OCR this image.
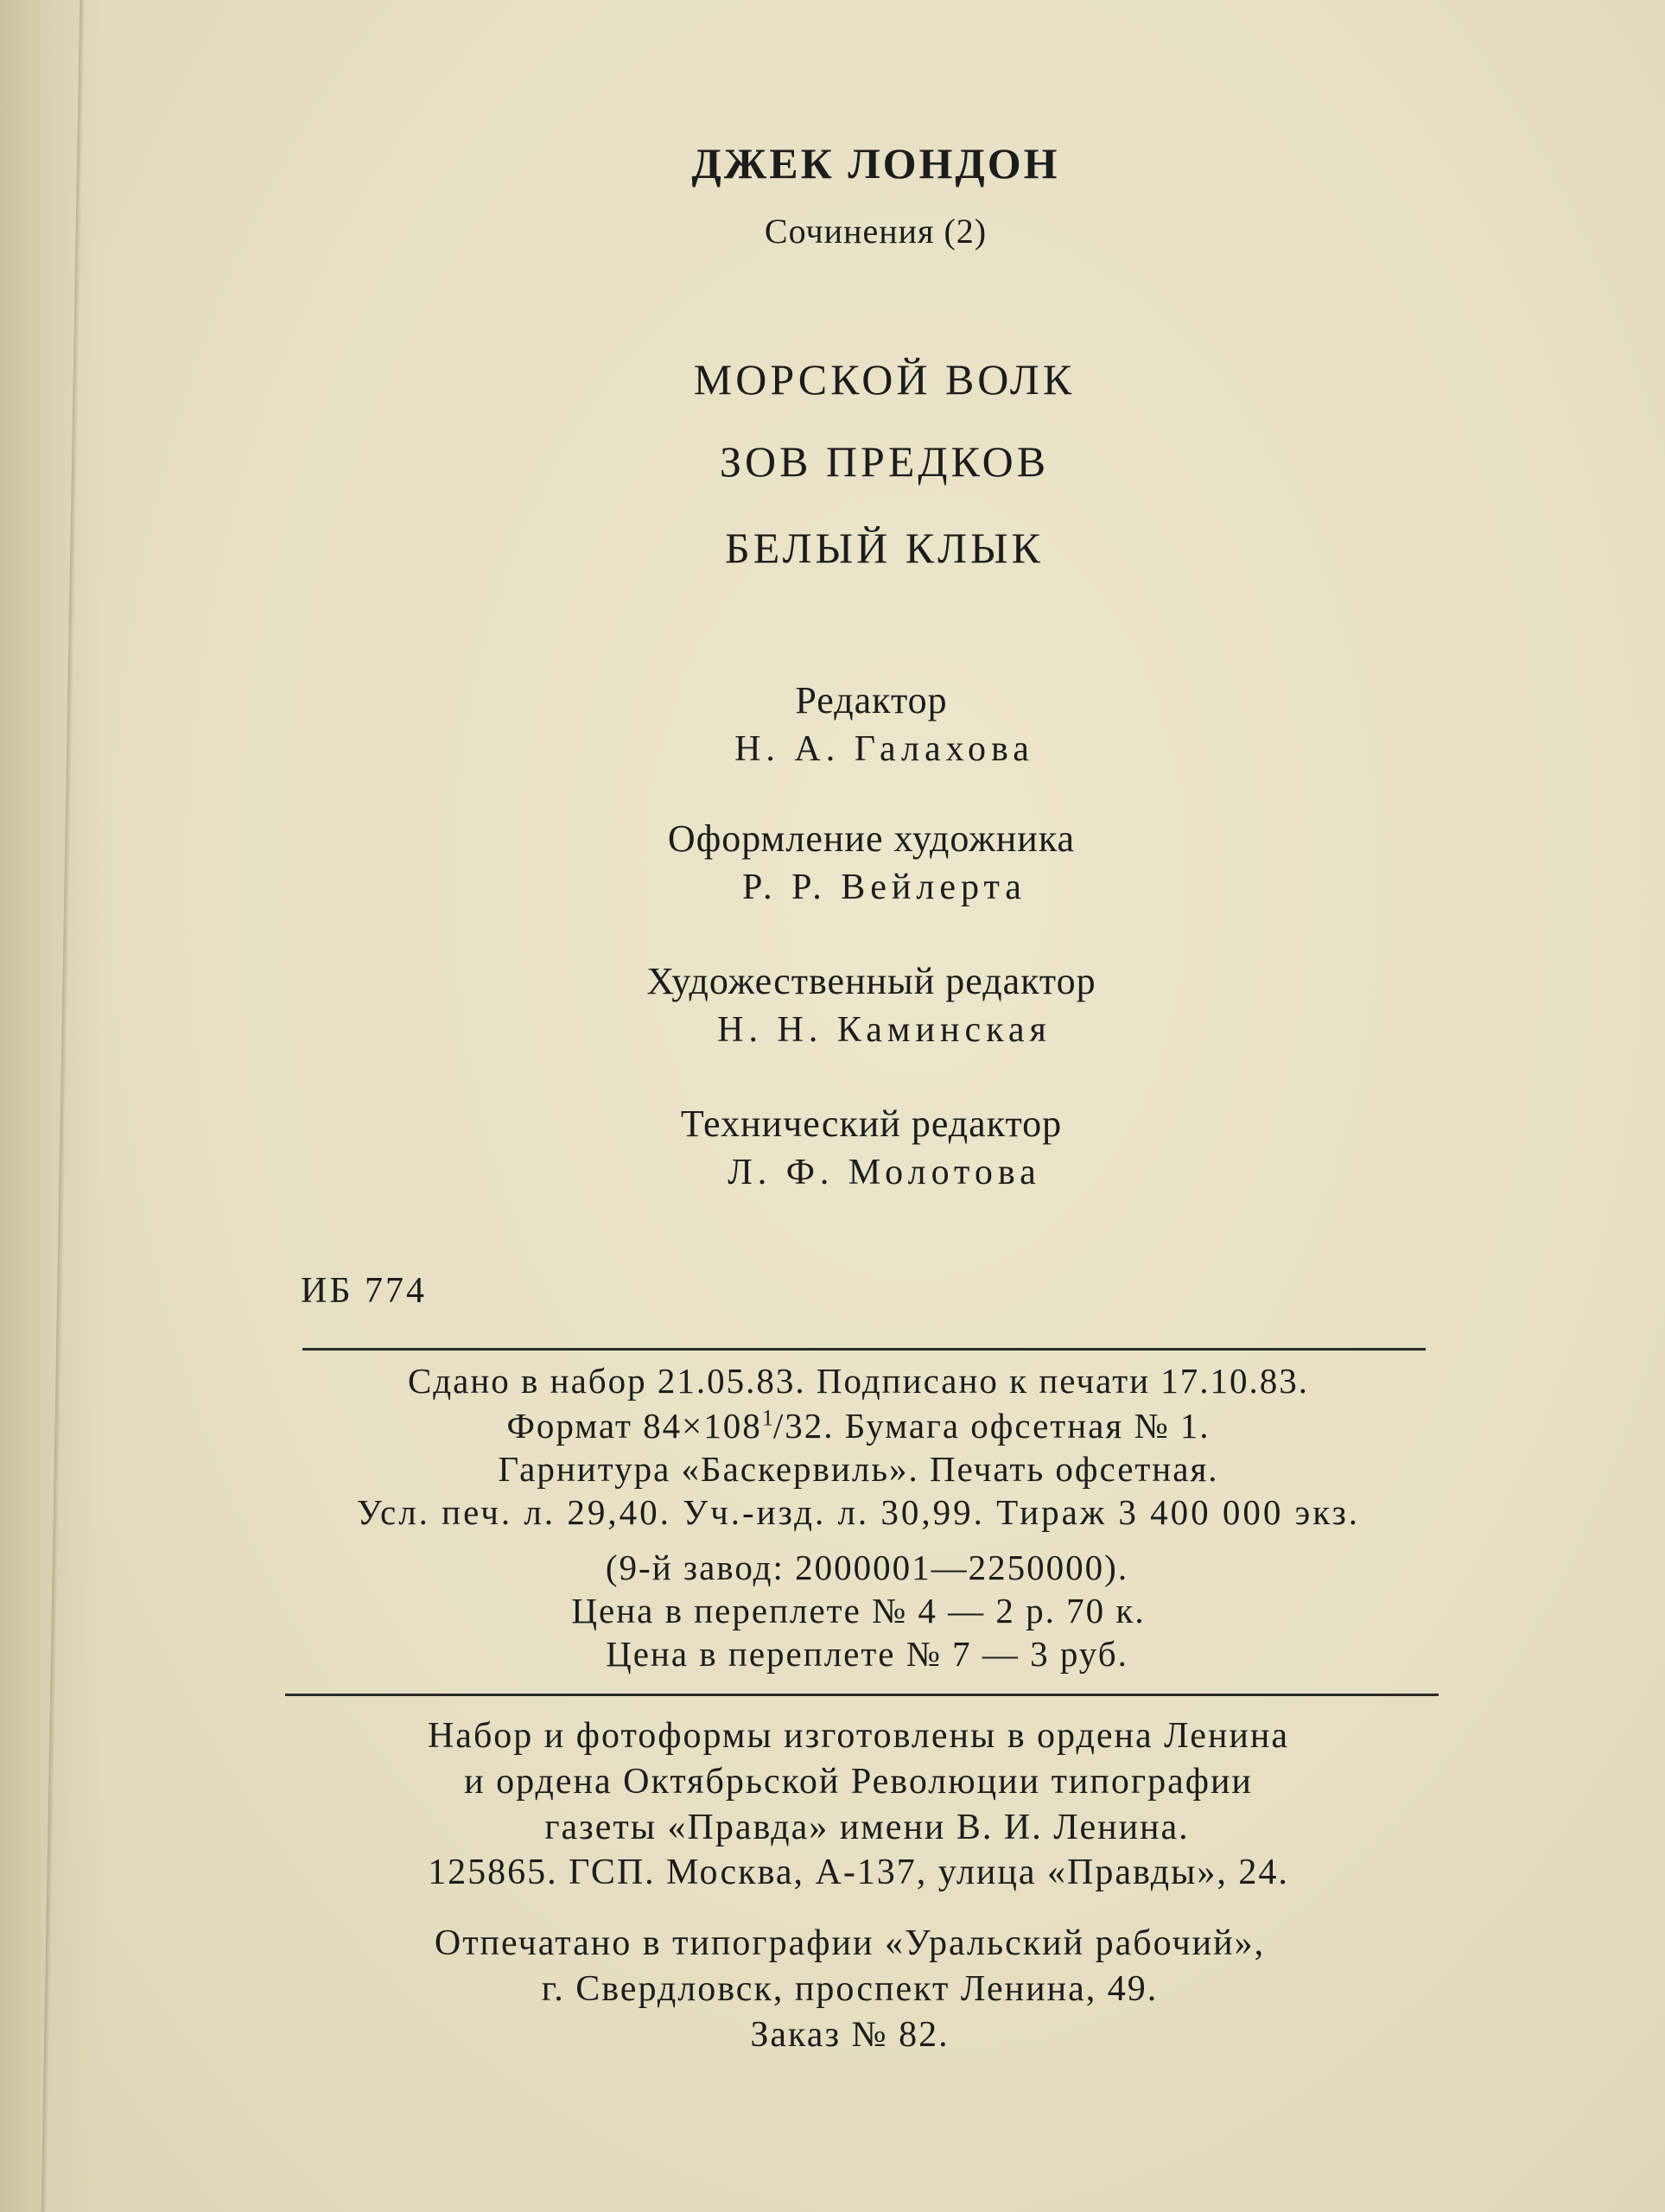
ДЖЕК ЛОНДОН
Сочинения (2)
МОРСКОЙ ВОЛК
ЗОВ ПРЕДКОВ
БЕЛЫЙ КЛЫК
Редактор
Н. А. Галахова
Оформление художника
Р. Р. Вейлерта
Художественный редактор
Н. Н. Каминская
Технический редактор
Л. Ф. Молотова
ИБ 774
Сдано в набор 21.05.83. Подписано к печати 17.10.83.
Формат $84\times 108^1/32$. Бумага офсетная № 1.
Гарнитура «Баскервиль». Печать офсетная.
Усл. печ. л. 29,40. Уч.-изд. л. 30,99. Тираж 3 400 000 экз.
(9-й завод: 2000001—2250000).
Цена в переплете № 4 — 2 р. 70 к.
Цена в переплете № 7 — 3 руб.
Набор и фотоформы изготовлены в ордена Ленина
и ордена Октябрьской Революции типографии
газеты «Правда» имени В. И. Ленина.
125865. ГСП. Москва, А-137, улица «Правды», 24.
Отпечатано в типографии «Уральский рабочий»,
г. Свердловск, проспект Ленина, 49.
Заказ № 82.
